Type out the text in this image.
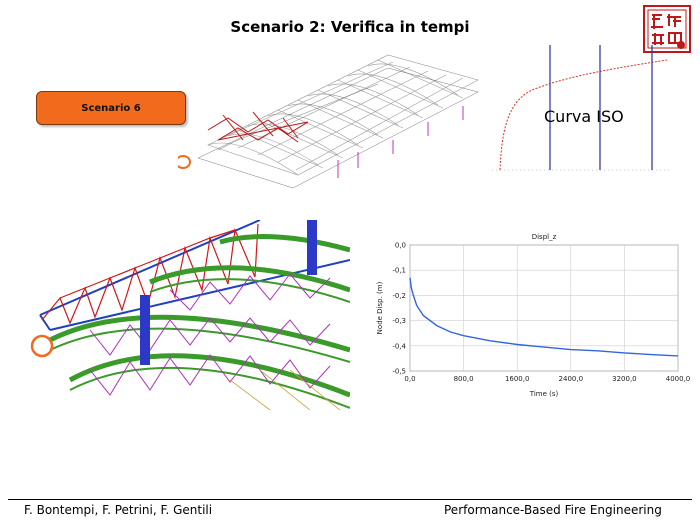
Scenario 2: Verifica in tempi
Scenario 6	Curva ISO
0,0
-0,1
-0,2
-0,3
-0,4
-0,5
0,0	800,0	1600,0	2400,0	3200,0	4000,0
Displ_z
Time (s)
Node Disp. (m)
F. Bontempi, F. Petrini, F. Gentili	Performance-Based Fire Engineering
